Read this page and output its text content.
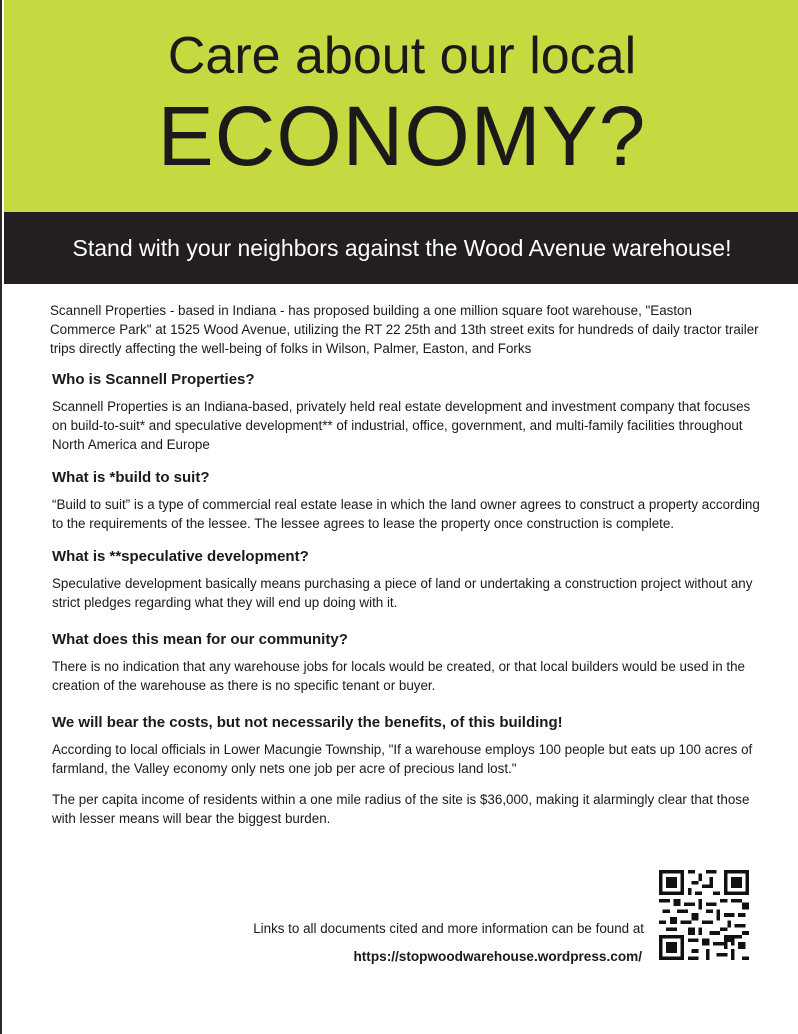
Care about our local
ECONOMY?
Stand with your neighbors against the Wood Avenue warehouse!

Scannell Properties - based in Indiana - has proposed building a one million square foot warehouse, "Easton Commerce Park" at 1525 Wood Avenue, utilizing the RT 22 25th and 13th street exits for hundreds of daily tractor trailer trips directly affecting the well-being of folks in Wilson, Palmer, Easton, and Forks

Who is Scannell Properties?

Scannell Properties is an Indiana-based, privately held real estate development and investment company that focuses on build-to-suit* and speculative development** of industrial, office, government, and multi-family facilities throughout North America and Europe

What is *build to suit?

“Build to suit” is a type of commercial real estate lease in which the land owner agrees to construct a property according to the requirements of the lessee. The lessee agrees to lease the property once construction is complete.

What is **speculative development?

Speculative development basically means purchasing a piece of land or undertaking a construction project without any strict pledges regarding what they will end up doing with it.

What does this mean for our community?

There is no indication that any warehouse jobs for locals would be created, or that local builders would be used in the creation of the warehouse as there is no specific tenant or buyer.

We will bear the costs, but not necessarily the benefits, of this building!

According to local officials in Lower Macungie Township, "If a warehouse employs 100 people but eats up 100 acres of farmland, the Valley economy only nets one job per acre of precious land lost."

The per capita income of residents within a one mile radius of the site is $36,000, making it alarmingly clear that those with lesser means will bear the biggest burden.

Links to all documents cited and more information can be found at
https://stopwoodwarehouse.wordpress.com/
